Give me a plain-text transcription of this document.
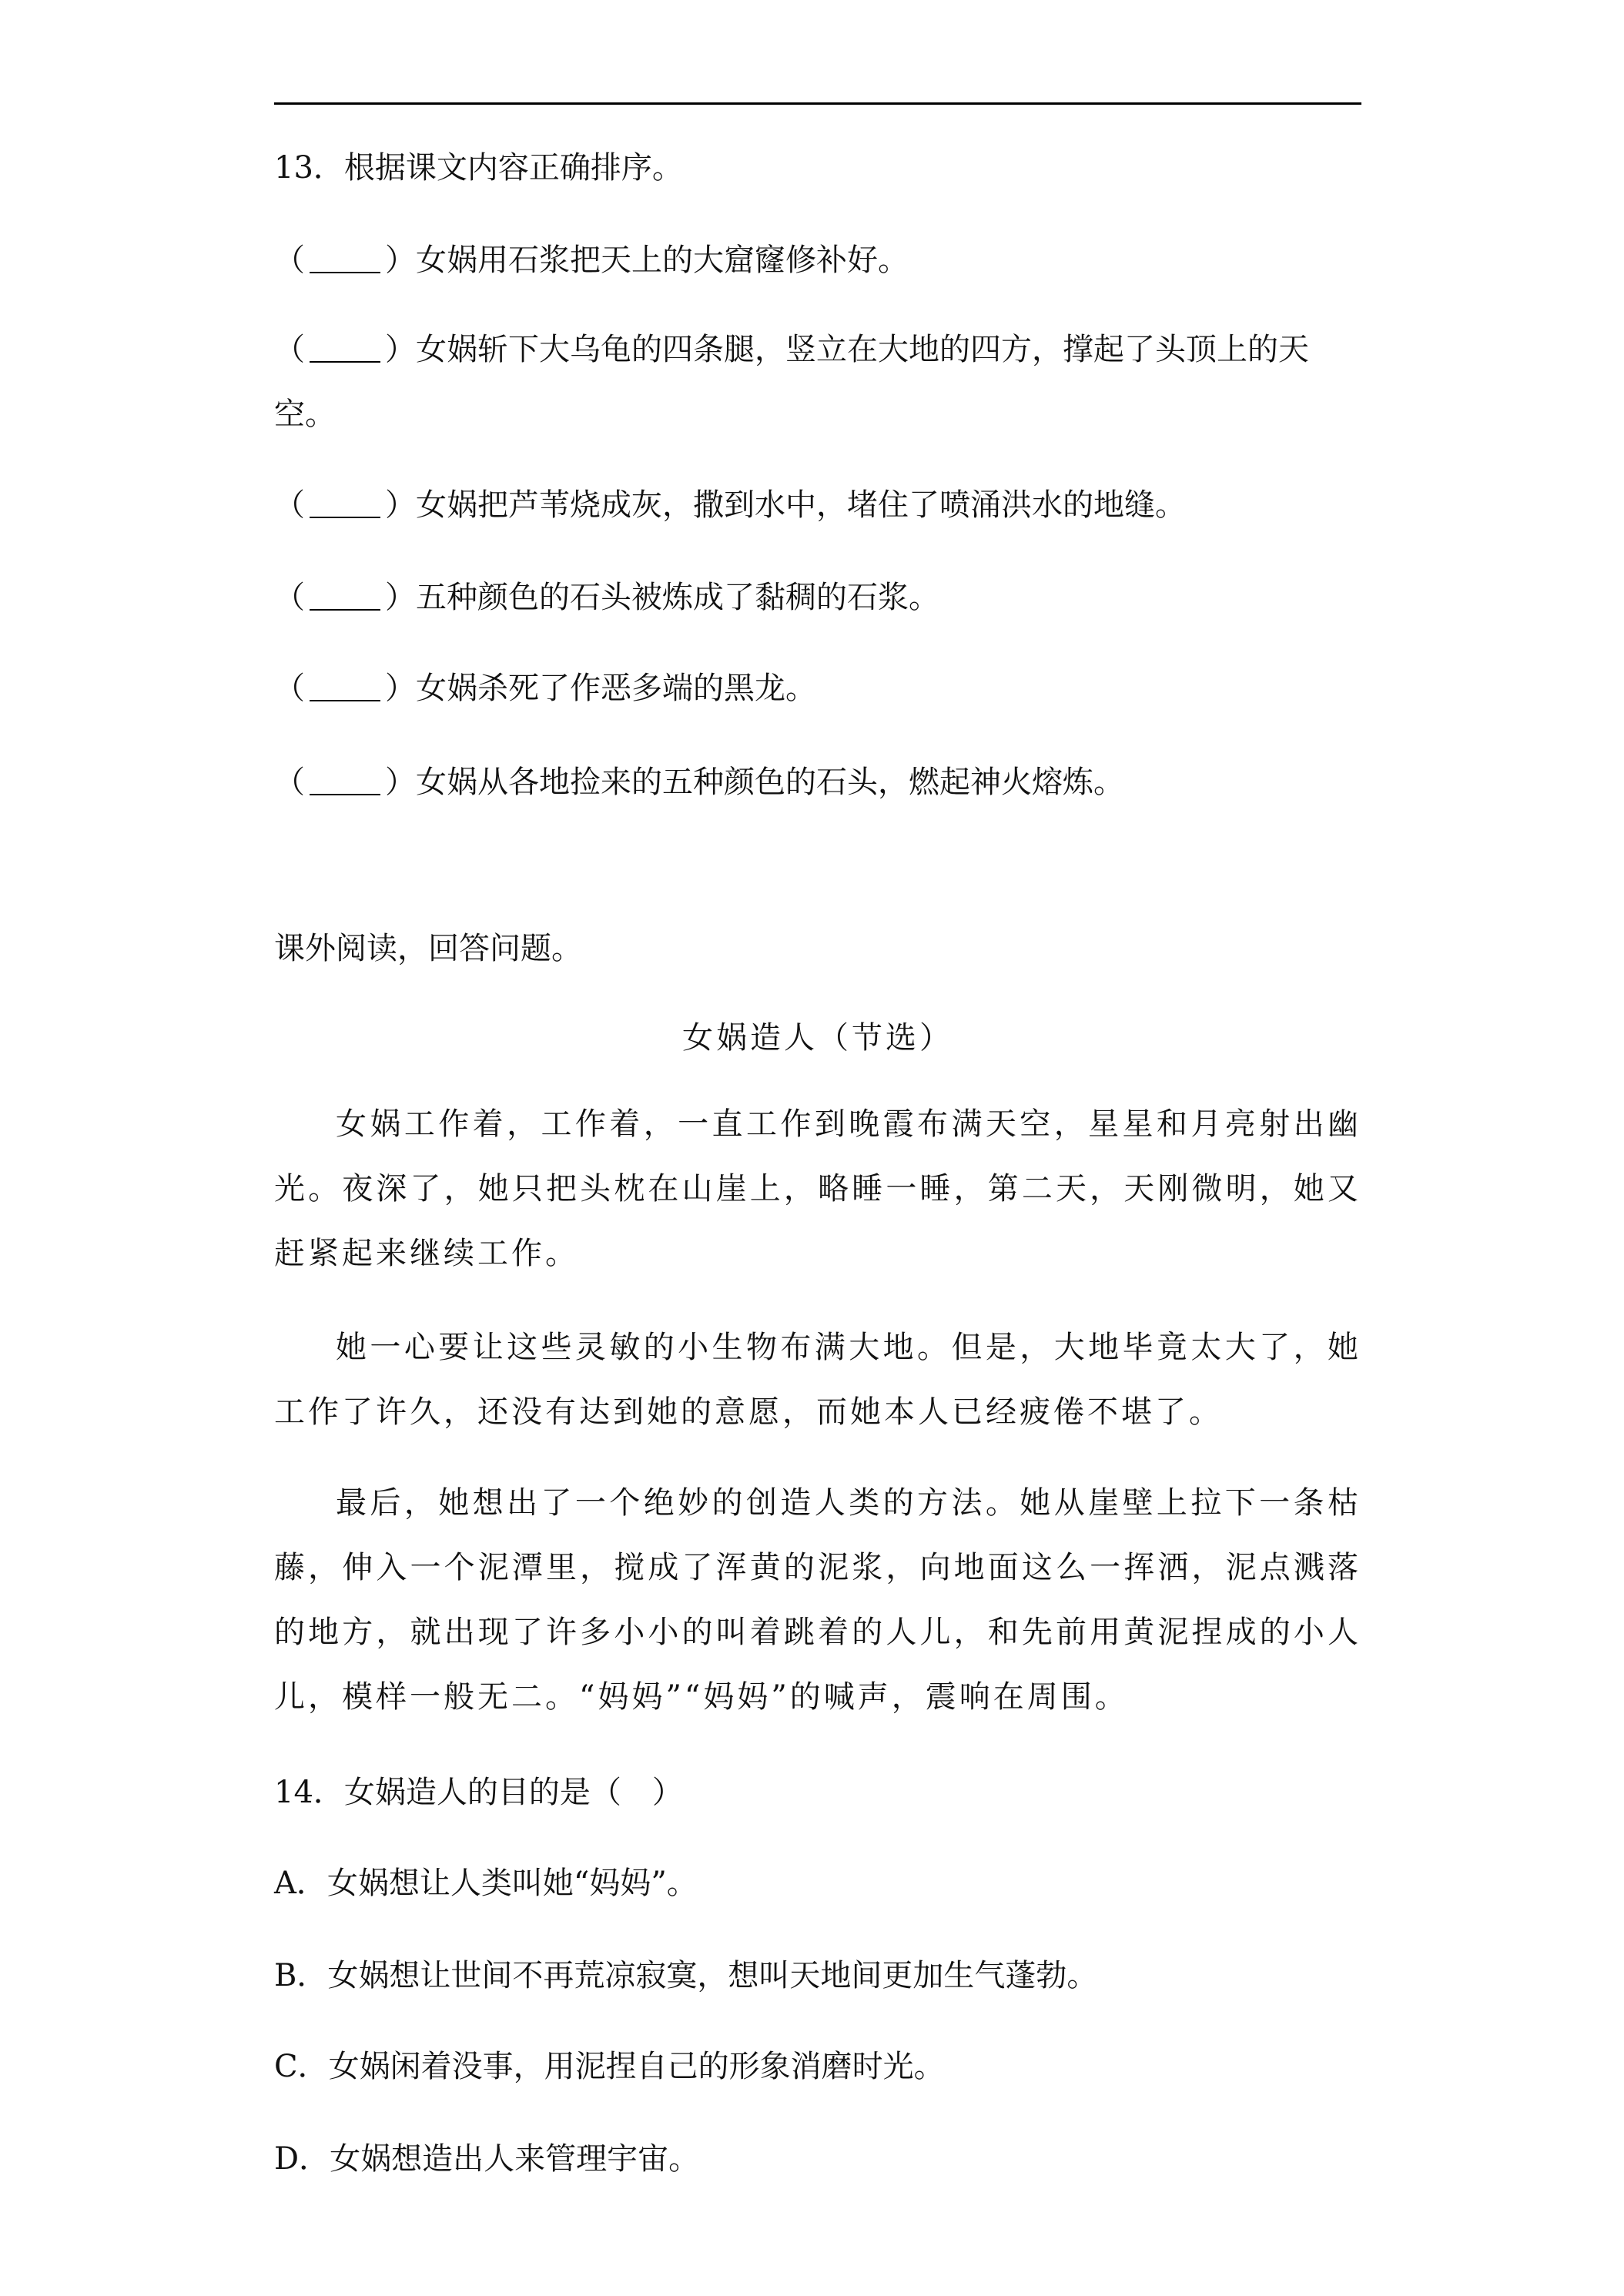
13．根据课文内容正确排序。
（	）女娲用石浆把天上的大窟窿修补好。
（	）女娲斩下大乌龟的四条腿，竖立在大地的四方，撑起了头顶上的天空。
（	）女娲把芦苇烧成灰，撒到水中，堵住了喷涌洪水的地缝。
（	）五种颜色的石头被炼成了黏稠的石浆。
（	）女娲杀死了作恶多端的黑龙。
（	）女娲从各地捡来的五种颜色的石头，燃起神火熔炼。
课外阅读，回答问题。
女娲造人（节选）
女娲工作着，工作着，一直工作到晚霞布满天空，星星和月亮射出幽光。夜深了，她只把头枕在山崖上，略睡一睡，第二天，天刚微明，她又赶紧起来继续工作。
她一心要让这些灵敏的小生物布满大地。但是，大地毕竟太大了，她工作了许久，还没有达到她的意愿，而她本人已经疲倦不堪了。
最后，她想出了一个绝妙的创造人类的方法。她从崖壁上拉下一条枯藤，伸入一个泥潭里，搅成了浑黄的泥浆，向地面这么一挥洒，泥点溅落的地方，就出现了许多小小的叫着跳着的人儿，和先前用黄泥捏成的小人儿，模样一般无二。“妈妈”“妈妈”的喊声，震响在周围。
14．女娲造人的目的是（　）
A．女娲想让人类叫她“妈妈”。
B．女娲想让世间不再荒凉寂寞，想叫天地间更加生气蓬勃。
C．女娲闲着没事，用泥捏自己的形象消磨时光。
D．女娲想造出人来管理宇宙。
